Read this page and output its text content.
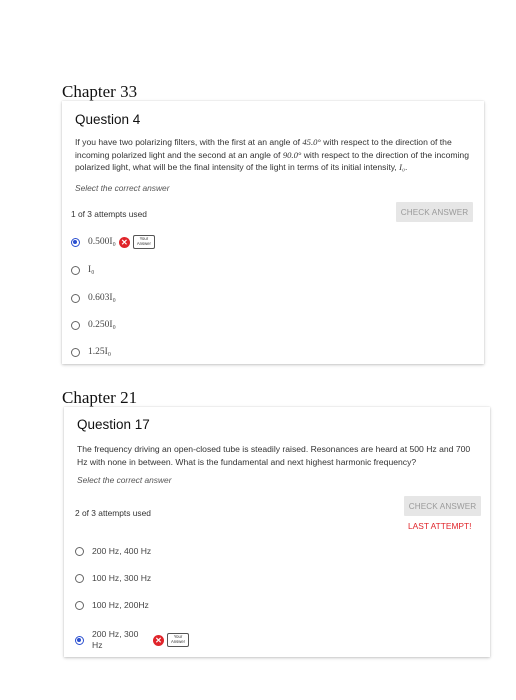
Chapter 33
Question 4
If you have two polarizing filters, with the first at an angle of 45.0° with respect to the direction of the incoming polarized light and the second at an angle of 90.0° with respect to the direction of the incoming polarized light, what will be the final intensity of the light in terms of its initial intensity, I₀.
Select the correct answer
1 of 3 attempts used	CHECK ANSWER
0.500I₀ ✕	Your Answer
I₀
0.603I₀
0.250I₀
1.25I₀
Chapter 21
Question 17
The frequency driving an open-closed tube is steadily raised. Resonances are heard at 500 Hz and 700 Hz with none in between. What is the fundamental and next highest harmonic frequency?
Select the correct answer
CHECK ANSWER
LAST ATTEMPT!
2 of 3 attempts used
200 Hz, 400 Hz
100 Hz, 300 Hz
100 Hz, 200Hz
200 Hz, 300 Hz	✕	Your Answer
